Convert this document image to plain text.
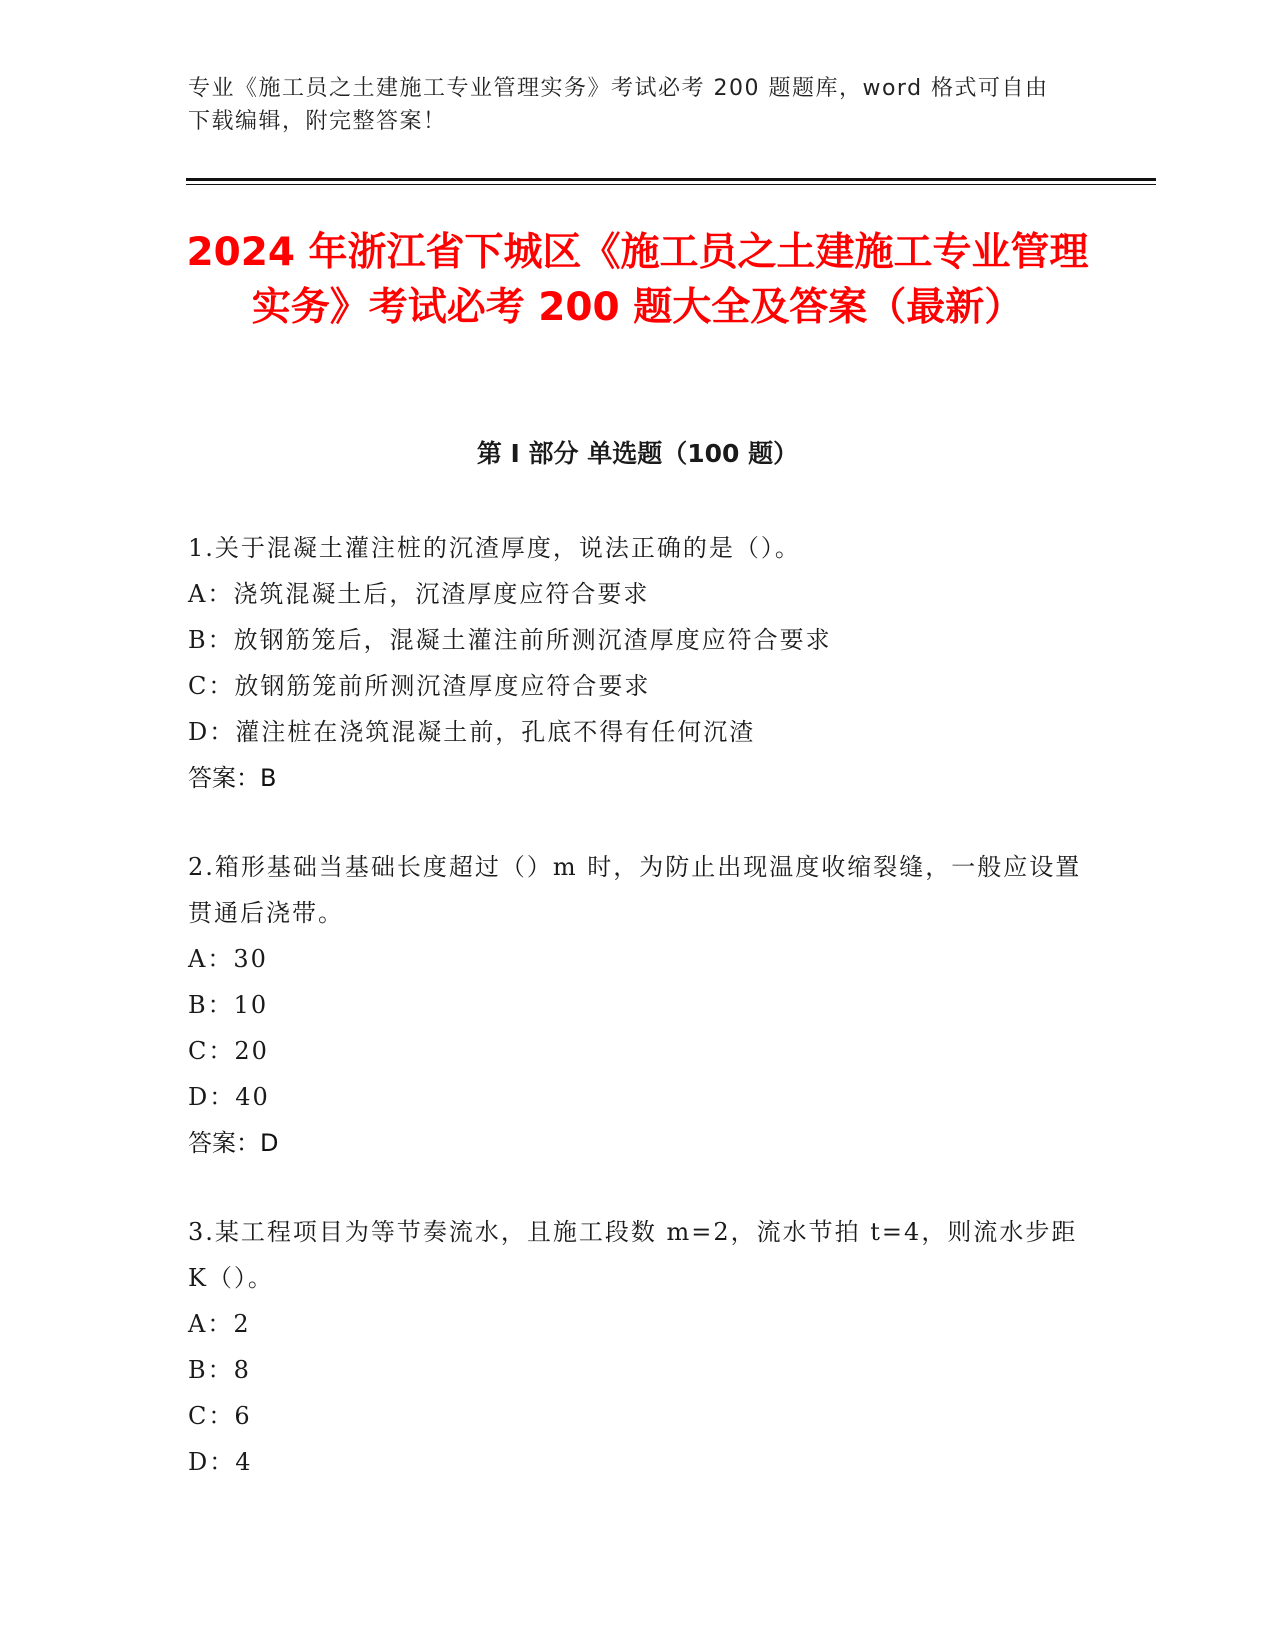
专业《施工员之土建施工专业管理实务》考试必考 200 题题库，word 格式可自由下载编辑，附完整答案！
2024 年浙江省下城区《施工员之土建施工专业管理实务》考试必考 200 题大全及答案（最新）
第 I 部分 单选题（100 题）
1.关于混凝土灌注桩的沉渣厚度，说法正确的是（）。
A：浇筑混凝土后，沉渣厚度应符合要求
B：放钢筋笼后，混凝土灌注前所测沉渣厚度应符合要求
C：放钢筋笼前所测沉渣厚度应符合要求
D：灌注桩在浇筑混凝土前，孔底不得有任何沉渣
答案：B
2.箱形基础当基础长度超过（）m 时，为防止出现温度收缩裂缝，一般应设置贯通后浇带。
A：30
B：10
C：20
D：40
答案：D
3.某工程项目为等节奏流水，且施工段数 m=2，流水节拍 t=4，则流水步距 K（）。
A：2
B：8
C：6
D：4
